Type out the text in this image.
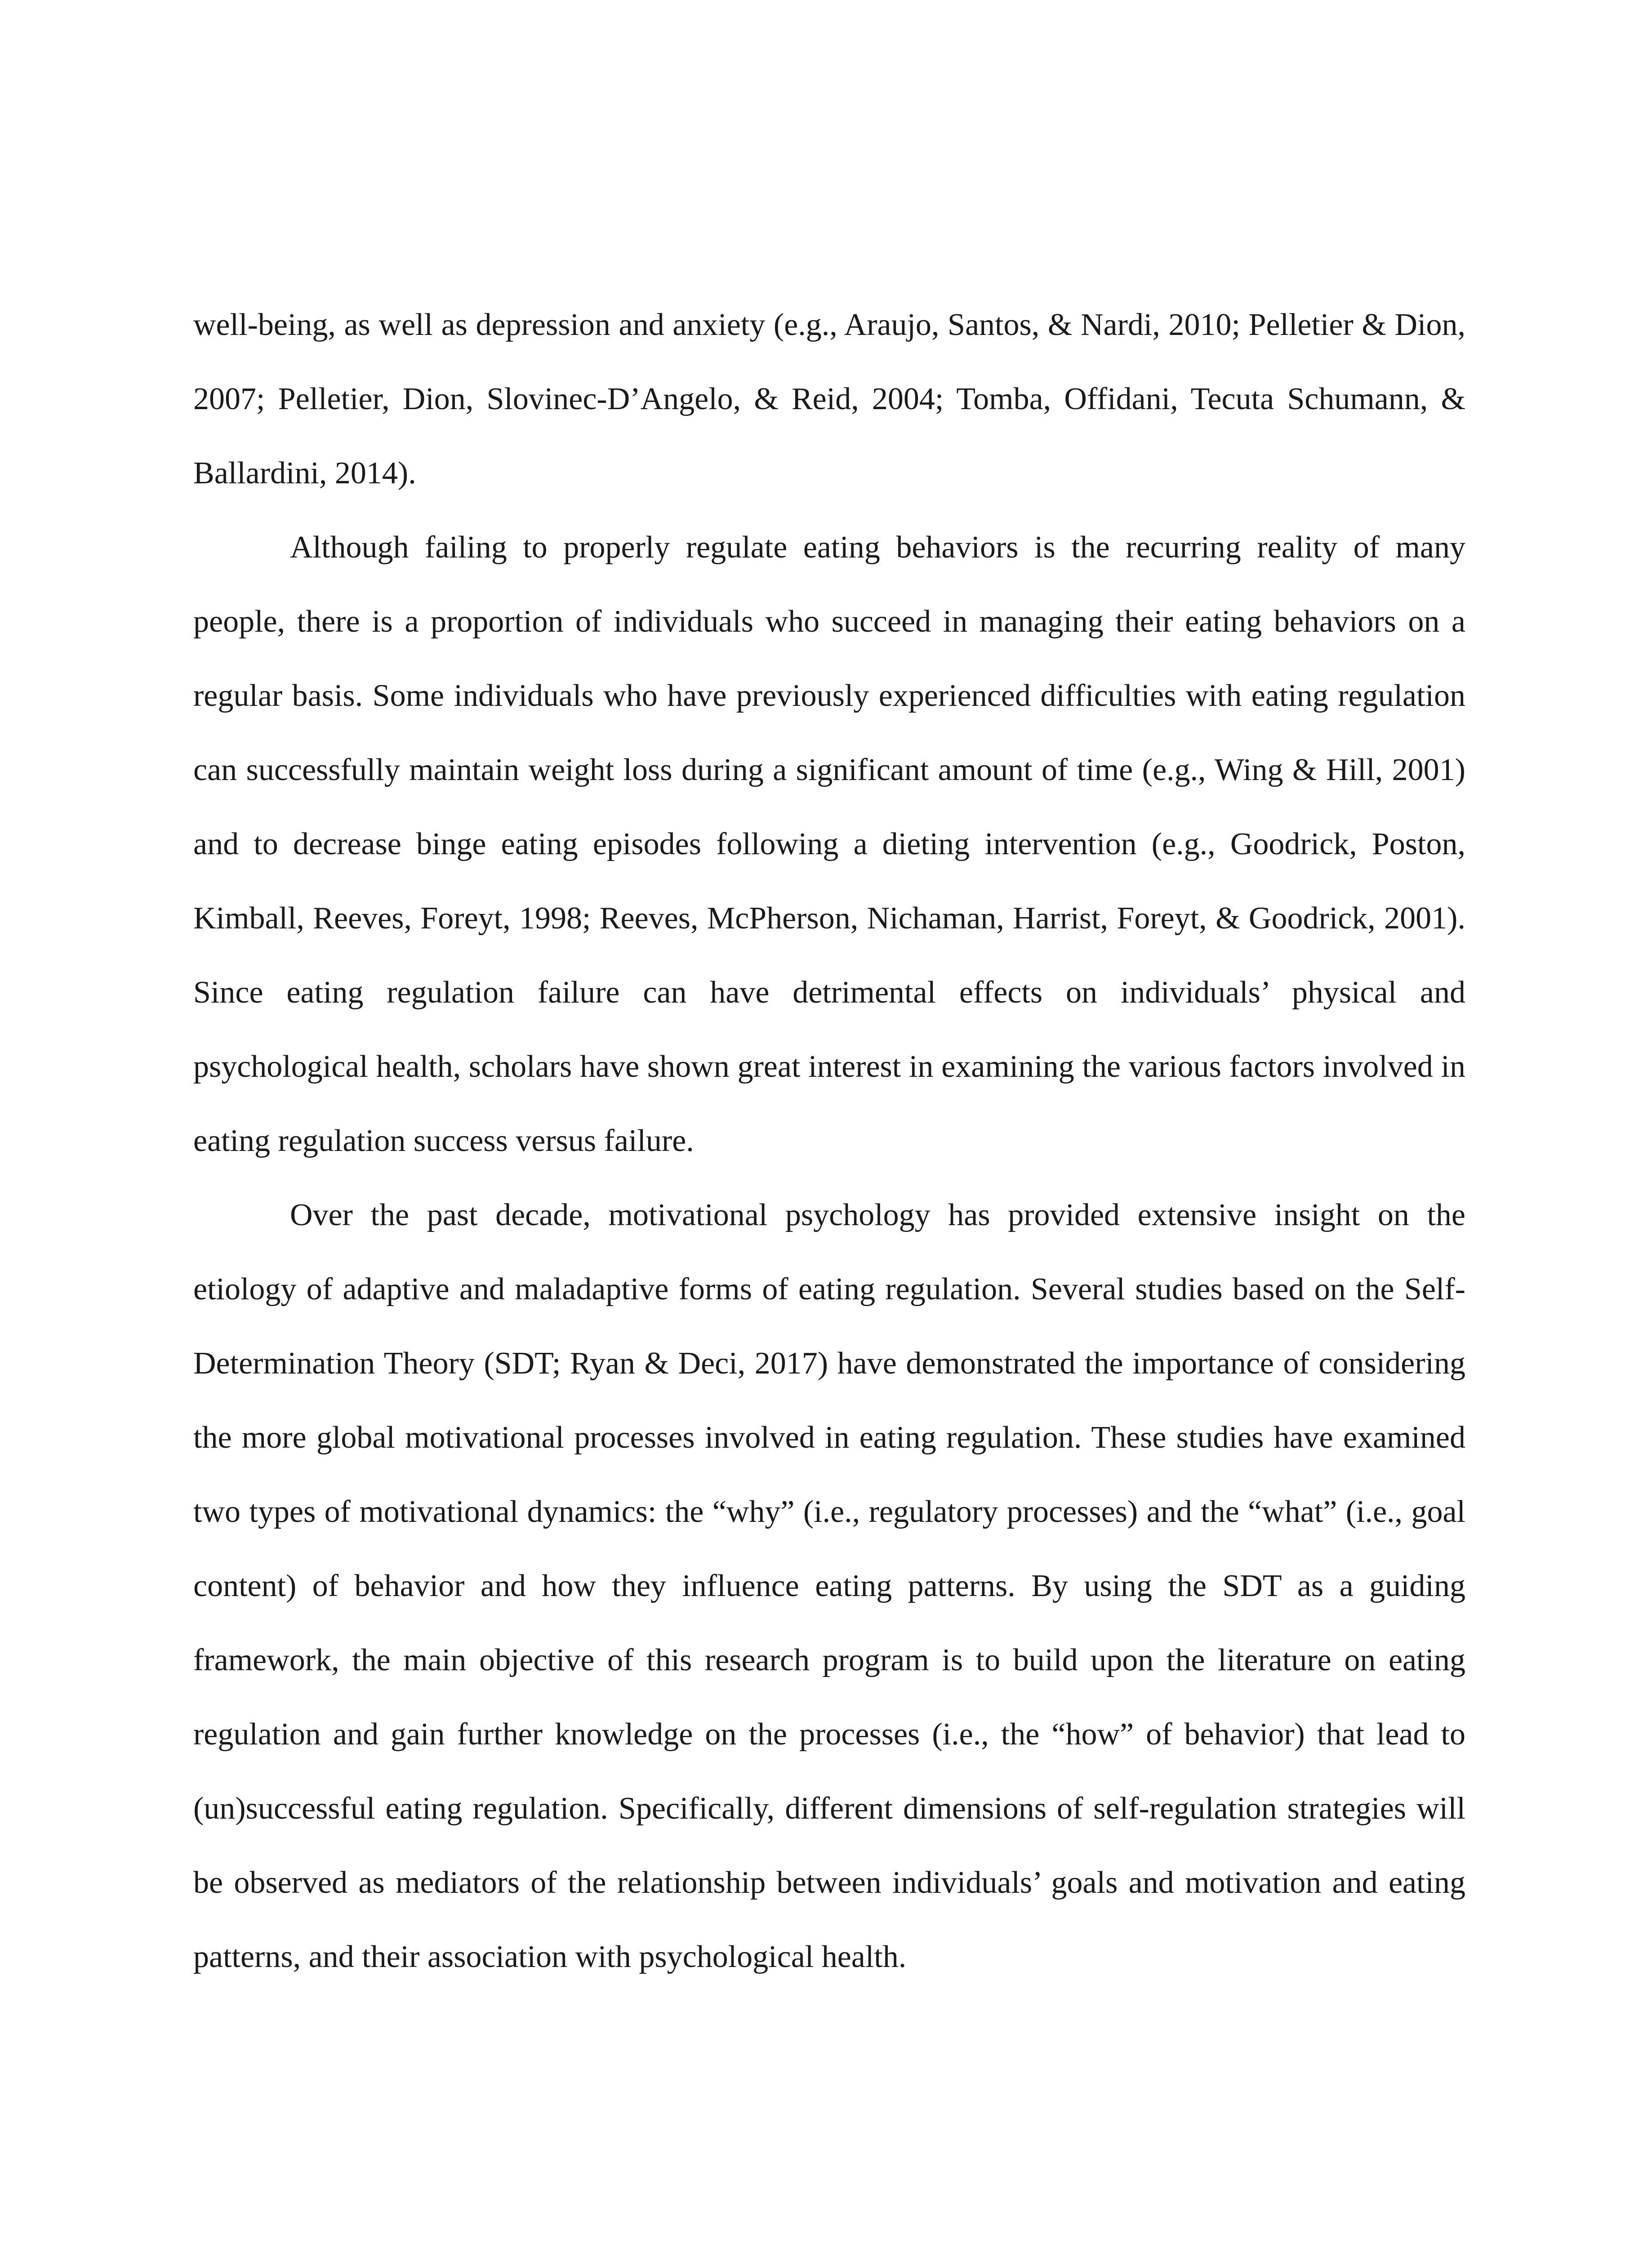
well-being, as well as depression and anxiety (e.g., Araujo, Santos, & Nardi, 2010; Pelletier & Dion, 2007; Pelletier, Dion, Slovinec-D’Angelo, & Reid, 2004; Tomba, Offidani, Tecuta Schumann, & Ballardini, 2014).

Although failing to properly regulate eating behaviors is the recurring reality of many people, there is a proportion of individuals who succeed in managing their eating behaviors on a regular basis. Some individuals who have previously experienced difficulties with eating regulation can successfully maintain weight loss during a significant amount of time (e.g., Wing & Hill, 2001) and to decrease binge eating episodes following a dieting intervention (e.g., Goodrick, Poston, Kimball, Reeves, Foreyt, 1998; Reeves, McPherson, Nichaman, Harrist, Foreyt, & Goodrick, 2001). Since eating regulation failure can have detrimental effects on individuals’ physical and psychological health, scholars have shown great interest in examining the various factors involved in eating regulation success versus failure.

Over the past decade, motivational psychology has provided extensive insight on the etiology of adaptive and maladaptive forms of eating regulation. Several studies based on the Self-Determination Theory (SDT; Ryan & Deci, 2017) have demonstrated the importance of considering the more global motivational processes involved in eating regulation. These studies have examined two types of motivational dynamics: the “why” (i.e., regulatory processes) and the “what” (i.e., goal content) of behavior and how they influence eating patterns. By using the SDT as a guiding framework, the main objective of this research program is to build upon the literature on eating regulation and gain further knowledge on the processes (i.e., the “how” of behavior) that lead to (un)successful eating regulation. Specifically, different dimensions of self-regulation strategies will be observed as mediators of the relationship between individuals’ goals and motivation and eating patterns, and their association with psychological health.
